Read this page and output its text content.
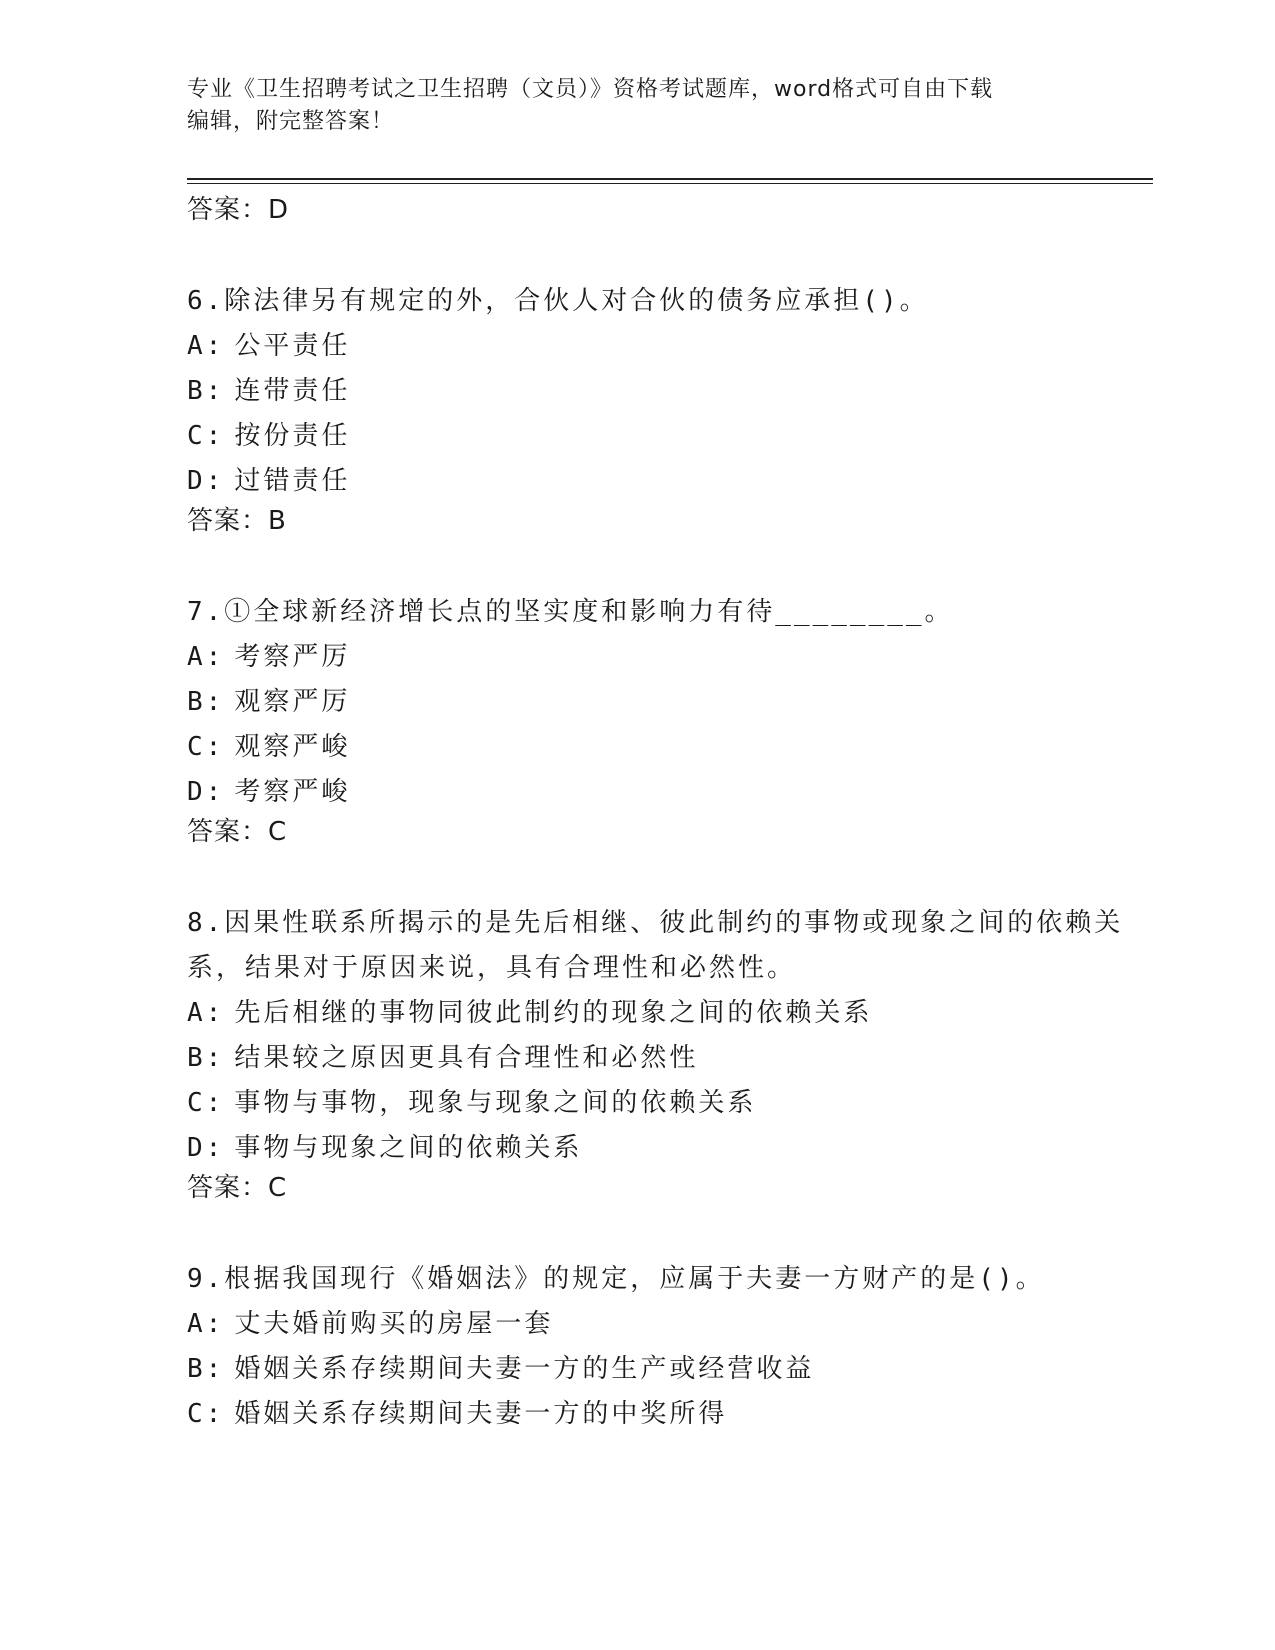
专业《卫生招聘考试之卫生招聘（文员）》资格考试题库，word格式可自由下载
编辑，附完整答案！
答案：D
6.除法律另有规定的外，合伙人对合伙的债务应承担()。
A: 公平责任
B: 连带责任
C: 按份责任
D: 过错责任
答案：B
7.①全球新经济增长点的坚实度和影响力有待________。
A: 考察严厉
B: 观察严厉
C: 观察严峻
D: 考察严峻
答案：C
8.因果性联系所揭示的是先后相继、彼此制约的事物或现象之间的依赖关系，结果对于原因来说，具有合理性和必然性。
A: 先后相继的事物同彼此制约的现象之间的依赖关系
B: 结果较之原因更具有合理性和必然性
C: 事物与事物，现象与现象之间的依赖关系
D: 事物与现象之间的依赖关系
答案：C
9.根据我国现行《婚姻法》的规定，应属于夫妻一方财产的是()。
A: 丈夫婚前购买的房屋一套
B: 婚姻关系存续期间夫妻一方的生产或经营收益
C: 婚姻关系存续期间夫妻一方的中奖所得
